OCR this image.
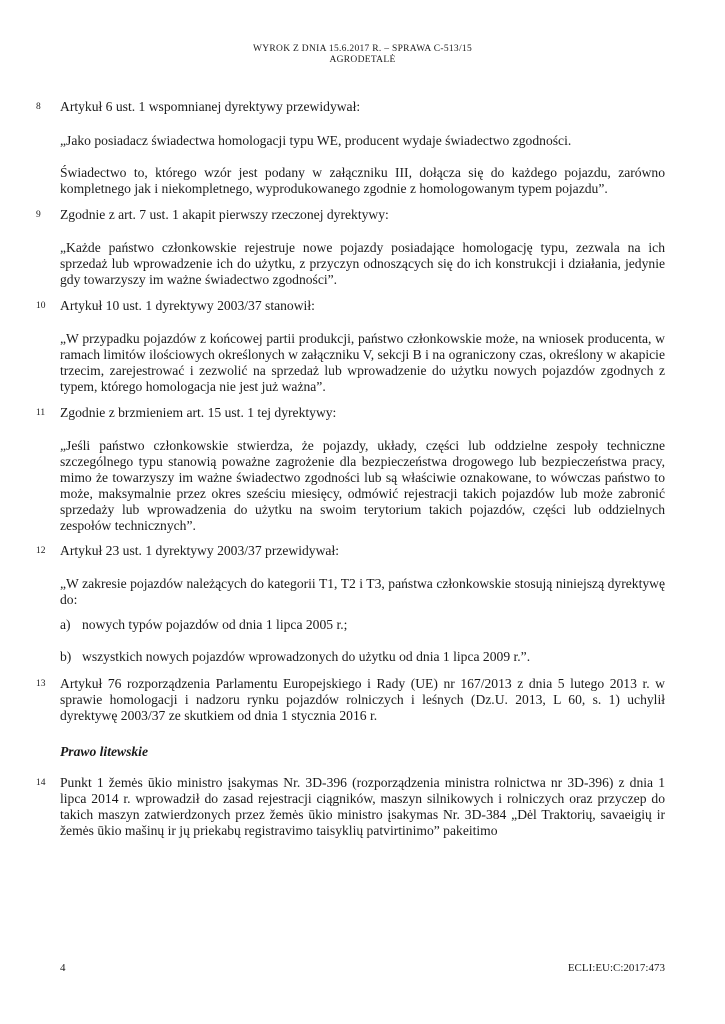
WYROK Z DNIA 15.6.2017 R. – SPRAWA C-513/15
AGRODETALĖ
8 Artykuł 6 ust. 1 wspomnianej dyrektywy przewidywał:
„Jako posiadacz świadectwa homologacji typu WE, producent wydaje świadectwo zgodności.
Świadectwo to, którego wzór jest podany w załączniku III, dołącza się do każdego pojazdu, zarówno kompletnego jak i niekompletnego, wyprodukowanego zgodnie z homologowanym typem pojazdu”.
9 Zgodnie z art. 7 ust. 1 akapit pierwszy rzeczonej dyrektywy:
„Każde państwo członkowskie rejestruje nowe pojazdy posiadające homologację typu, zezwala na ich sprzedaż lub wprowadzenie ich do użytku, z przyczyn odnoszących się do ich konstrukcji i działania, jedynie gdy towarzyszy im ważne świadectwo zgodności”.
10 Artykuł 10 ust. 1 dyrektywy 2003/37 stanowił:
„W przypadku pojazdów z końcowej partii produkcji, państwo członkowskie może, na wniosek producenta, w ramach limitów ilościowych określonych w załączniku V, sekcji B i na ograniczony czas, określony w akapicie trzecim, zarejestrować i zezwolić na sprzedaż lub wprowadzenie do użytku nowych pojazdów zgodnych z typem, którego homologacja nie jest już ważna”.
11 Zgodnie z brzmieniem art. 15 ust. 1 tej dyrektywy:
„Jeśli państwo członkowskie stwierdza, że pojazdy, układy, części lub oddzielne zespoły techniczne szczególnego typu stanowią poważne zagrożenie dla bezpieczeństwa drogowego lub bezpieczeństwa pracy, mimo że towarzyszy im ważne świadectwo zgodności lub są właściwie oznakowane, to wówczas państwo to może, maksymalnie przez okres sześciu miesięcy, odmówić rejestracji takich pojazdów lub może zabronić sprzedaży lub wprowadzenia do użytku na swoim terytorium takich pojazdów, części lub oddzielnych zespołów technicznych”.
12 Artykuł 23 ust. 1 dyrektywy 2003/37 przewidywał:
„W zakresie pojazdów należących do kategorii T1, T2 i T3, państwa członkowskie stosują niniejszą dyrektywę do:
a) nowych typów pojazdów od dnia 1 lipca 2005 r.;
b) wszystkich nowych pojazdów wprowadzonych do użytku od dnia 1 lipca 2009 r.”.
13 Artykuł 76 rozporządzenia Parlamentu Europejskiego i Rady (UE) nr 167/2013 z dnia 5 lutego 2013 r. w sprawie homologacji i nadzoru rynku pojazdów rolniczych i leśnych (Dz.U. 2013, L 60, s. 1) uchylił dyrektywę 2003/37 ze skutkiem od dnia 1 stycznia 2016 r.
Prawo litewskie
14 Punkt 1 žemės ūkio ministro įsakymas Nr. 3D-396 (rozporządzenia ministra rolnictwa nr 3D-396) z dnia 1 lipca 2014 r. wprowadził do zasad rejestracji ciągników, maszyn silnikowych i rolniczych oraz przyczep do takich maszyn zatwierdzonych przez žemės ūkio ministro įsakymas Nr. 3D-384 „Dėl Traktorių, savaeigių ir žemės ūkio mašinų ir jų priekabų registravimo taisyklių patvirtinimo” pakeitimo
4	ECLI:EU:C:2017:473
